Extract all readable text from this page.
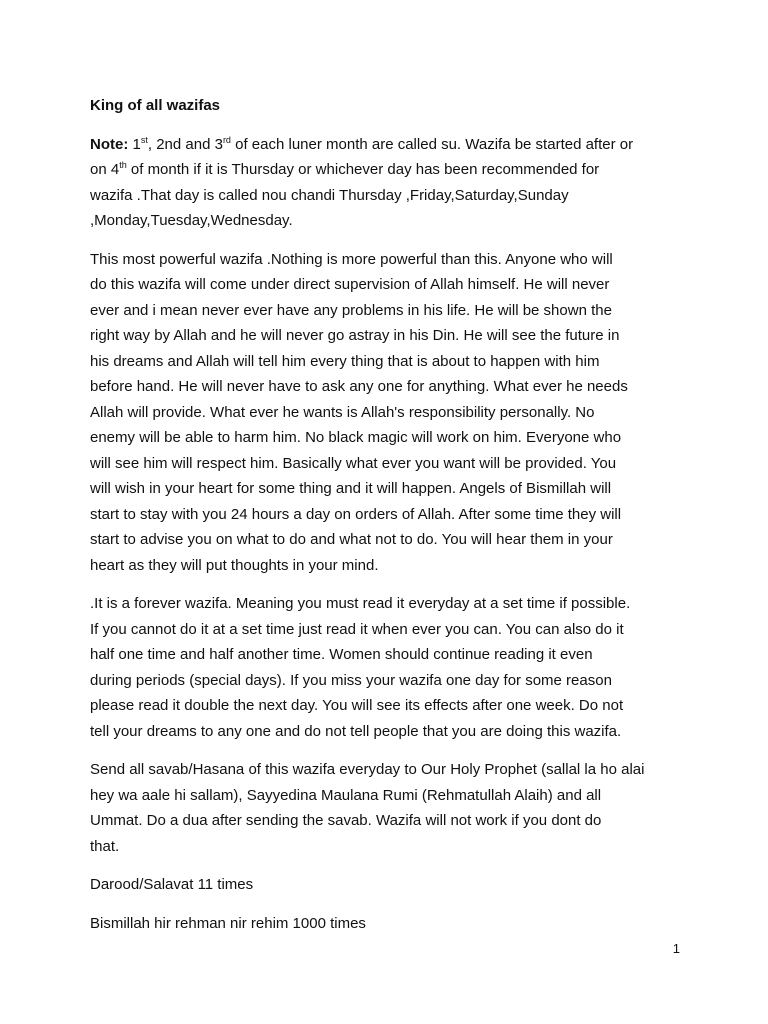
King of all wazifas
Note: 1st, 2nd and 3rd of each luner month are called su. Wazifa be started after or
on 4th of month if it is Thursday or whichever day has been recommended for
wazifa .That day is called nou chandi Thursday ,Friday,Saturday,Sunday
,Monday,Tuesday,Wednesday.
This most powerful wazifa .Nothing is more powerful than this. Anyone who will
do this wazifa will come under direct supervision of Allah himself. He will never
ever and i mean never ever have any problems in his life. He will be shown the
right way by Allah and he will never go astray in his Din. He will see the future in
his dreams and Allah will tell him every thing that is about to happen with him
before hand. He will never have to ask any one for anything. What ever he needs
Allah will provide. What ever he wants is Allah's responsibility personally. No
enemy will be able to harm him. No black magic will work on him. Everyone who
will see him will respect him. Basically what ever you want will be provided. You
will wish in your heart for some thing and it will happen. Angels of Bismillah will
start to stay with you 24 hours a day on orders of Allah. After some time they will
start to advise you on what to do and what not to do. You will hear them in your
heart as they will put thoughts in your mind.
.It is a forever wazifa. Meaning you must read it everyday at a set time if possible.
If you cannot do it at a set time just read it when ever you can. You can also do it
half one time and half another time. Women should continue reading it even
during periods (special days). If you miss your wazifa one day for some reason
please read it double the next day. You will see its effects after one week. Do not
tell your dreams to any one and do not tell people that you are doing this wazifa.
Send all savab/Hasana of this wazifa everyday to Our Holy Prophet (sallal la ho alai
hey wa aale hi sallam), Sayyedina Maulana Rumi (Rehmatullah Alaih) and all
Ummat. Do a dua after sending the savab. Wazifa will not work if you dont do
that.
Darood/Salavat 11 times
Bismillah hir rehman nir rehim 1000 times
1
